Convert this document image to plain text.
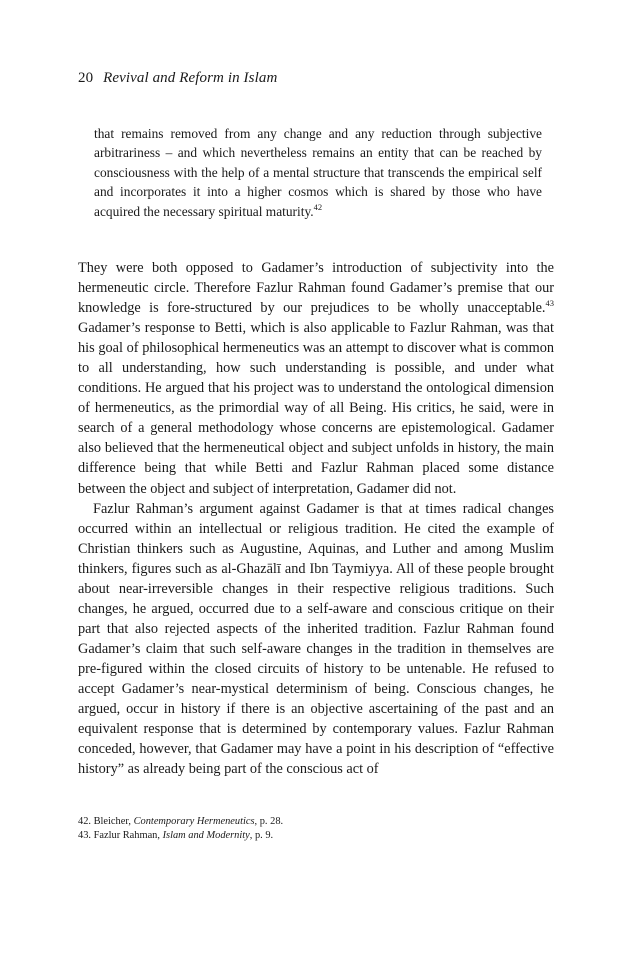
20 Revival and Reform in Islam

that remains removed from any change and any reduction through subjective arbitrariness – and which nevertheless remains an entity that can be reached by consciousness with the help of a mental structure that transcends the empirical self and incorporates it into a higher cosmos which is shared by those who have acquired the necessary spiritual maturity.$^{42}$

They were both opposed to Gadamer’s introduction of subjectivity into the hermeneutic circle. Therefore Fazlur Rahman found Gadamer’s premise that our knowledge is fore-structured by our prejudices to be wholly unacceptable.$^{43}$ Gadamer’s response to Betti, which is also applicable to Fazlur Rahman, was that his goal of philosophical hermeneutics was an attempt to discover what is common to all understanding, how such understanding is possible, and under what conditions. He argued that his project was to understand the ontological dimension of hermeneutics, as the primordial way of all Being. His critics, he said, were in search of a general methodology whose concerns are epistemological. Gadamer also believed that the hermeneutical object and subject unfolds in history, the main difference being that while Betti and Fazlur Rahman placed some distance between the object and subject of interpretation, Gadamer did not.

Fazlur Rahman’s argument against Gadamer is that at times radical changes occurred within an intellectual or religious tradition. He cited the example of Christian thinkers such as Augustine, Aquinas, and Luther and among Muslim thinkers, figures such as al-Ghazālī and Ibn Taymiyya. All of these people brought about near-irreversible changes in their respective religious traditions. Such changes, he argued, occurred due to a self-aware and conscious critique on their part that also rejected aspects of the inherited tradition. Fazlur Rahman found Gadamer’s claim that such self-aware changes in the tradition in themselves are pre-figured within the closed circuits of history to be untenable. He refused to accept Gadamer’s near-mystical determinism of being. Conscious changes, he argued, occur in history if there is an objective ascertaining of the past and an equivalent response that is determined by contemporary values. Fazlur Rahman conceded, however, that Gadamer may have a point in his description of “effective history” as already being part of the conscious act of

42. Bleicher, Contemporary Hermeneutics, p. 28.
43. Fazlur Rahman, Islam and Modernity, p. 9.
